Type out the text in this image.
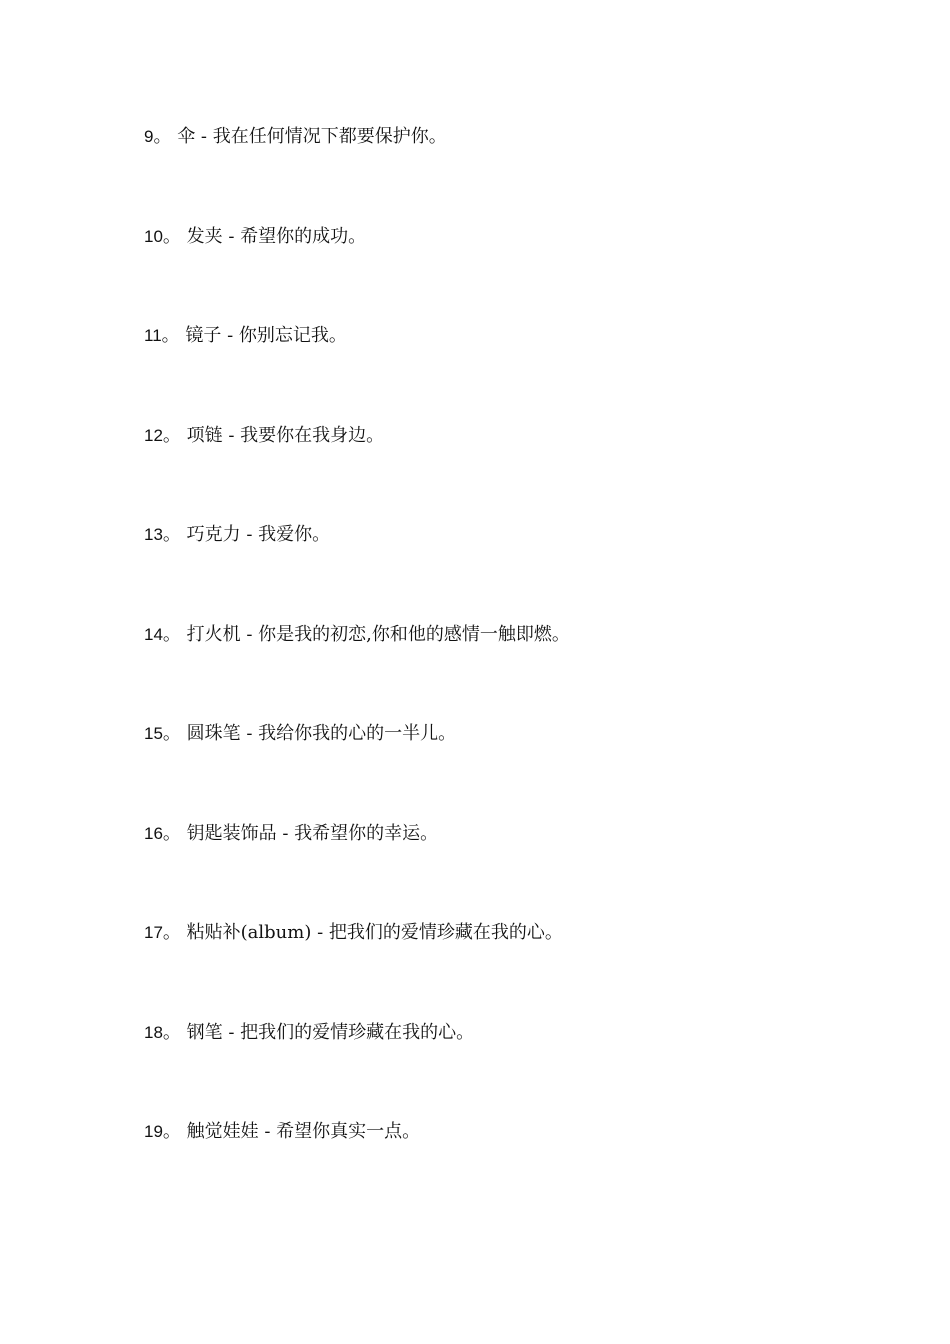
9。 伞 - 我在任何情况下都要保护你。
10。 发夹 - 希望你的成功。
11。 镜子 - 你别忘记我。
12。 项链 - 我要你在我身边。
13。 巧克力 - 我爱你。
14。 打火机 - 你是我的初恋,你和他的感情一触即燃。
15。 圆珠笔 - 我给你我的心的一半儿。
16。 钥匙装饰品 - 我希望你的幸运。
17。 粘贴补(album) - 把我们的爱情珍藏在我的心。
18。 钢笔 - 把我们的爱情珍藏在我的心。
19。 触觉娃娃 - 希望你真实一点。
